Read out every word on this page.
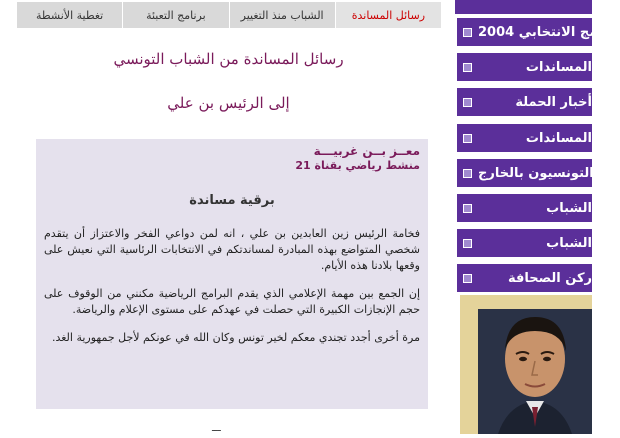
رسائل المساندة
الشباب منذ التغيير
برنامج التعبئة
تغطية الأنشطة
رسائل المساندة من الشباب التونسي
إلى الرئيس بن علي
معــز بــن غربيـــة
منشط رياضي بقناة 21
برقية مساندة

فخامة الرئيس زين العابدين بن علي ، انه لمن دواعي الفخر والاعتزاز أن يتقدم شخصي المتواضع بهذه المبادرة لمساندتكم في الانتخابات الرئاسية التي نعيش على وقعها بلادنا هذه الأيام.

إن الجمع بين مهمة الإعلامي الذي يقدم البرامج الرياضية مكنني من الوقوف على حجم الإنجازات الكبيرة التي حصلت في عهدكم على مستوى الإعلام والرياضة.

مرة أخرى أجدد تجندي معكم لخير تونس وكان الله في عونكم لأجل جمهورية الغد.

ـــ
برنامج الانتخابي 2004
المساندات
أخبار الحملة
المساندات
التونسيون بالخارج
الشباب
الشباب
ركن الصحافة
